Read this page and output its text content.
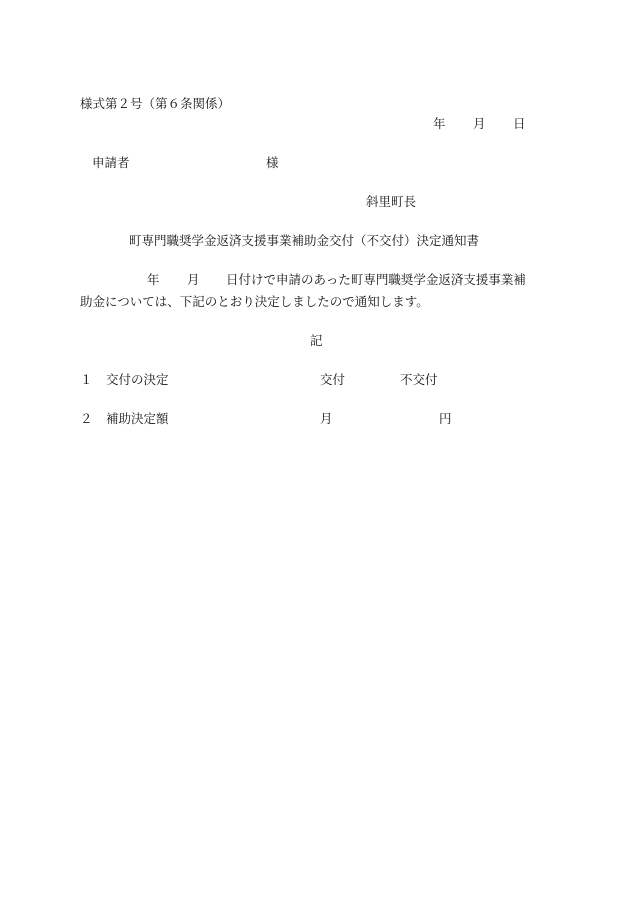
様式第２号（第６条関係）
年 月 日
申請者	様
斜里町長
町専門職奨学金返済支援事業補助金交付（不交付）決定通知書
年 月 日付けで申請のあった町専門職奨学金返済支援事業補
助金については、下記のとおり決定しましたので通知します。
記
１ 交付の決定	交付	不交付
２ 補助決定額	月	円
